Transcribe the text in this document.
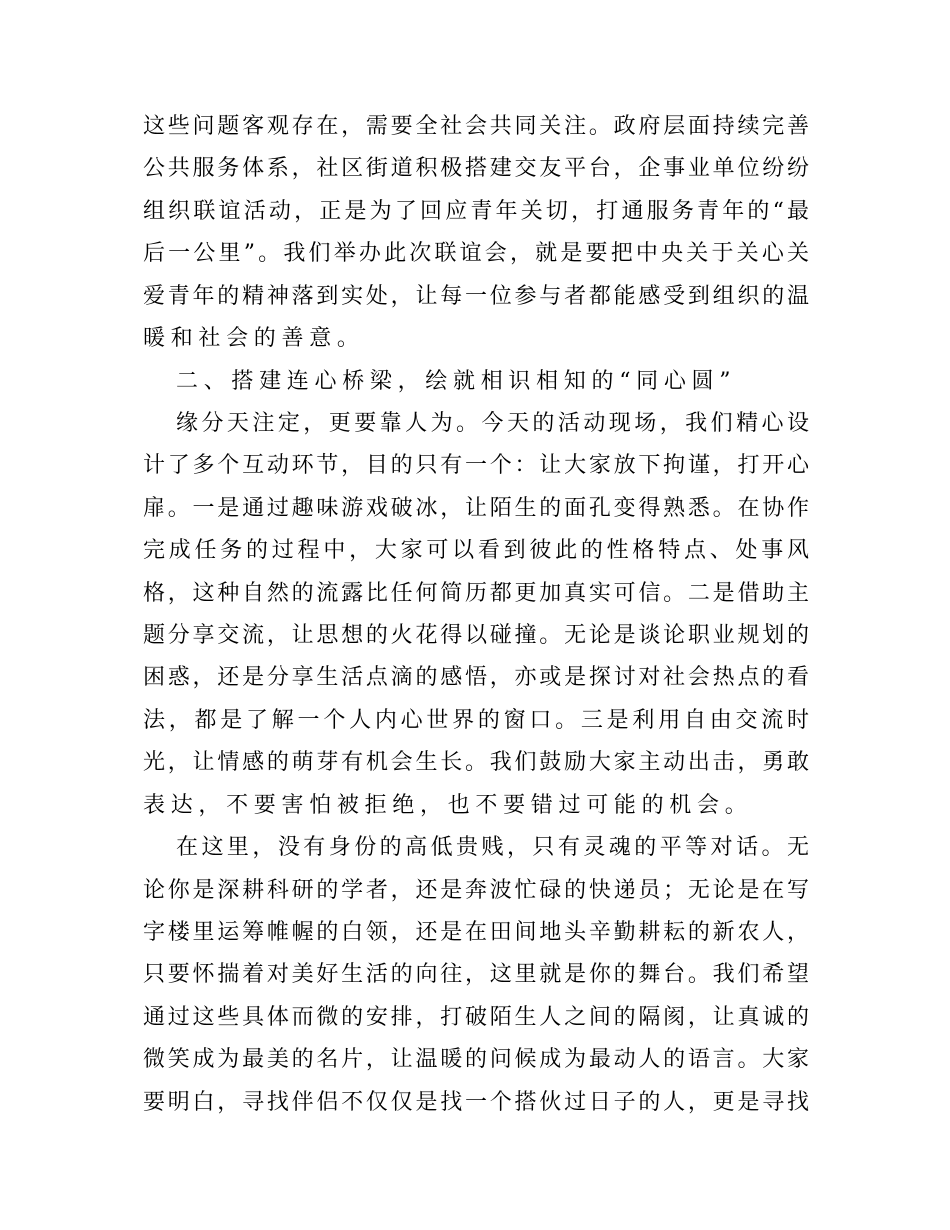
这些问题客观存在，需要全社会共同关注。政府层面持续完善
公共服务体系，社区街道积极搭建交友平台，企事业单位纷纷
组织联谊活动，正是为了回应青年关切，打通服务青年的“最
后一公里”。我们举办此次联谊会，就是要把中央关于关心关
爱青年的精神落到实处，让每一位参与者都能感受到组织的温
暖和社会的善意。
二、搭建连心桥梁，绘就相识相知的“同心圆”
缘分天注定，更要靠人为。今天的活动现场，我们精心设
计了多个互动环节，目的只有一个：让大家放下拘谨，打开心
扉。一是通过趣味游戏破冰，让陌生的面孔变得熟悉。在协作
完成任务的过程中，大家可以看到彼此的性格特点、处事风
格，这种自然的流露比任何简历都更加真实可信。二是借助主
题分享交流，让思想的火花得以碰撞。无论是谈论职业规划的
困惑，还是分享生活点滴的感悟，亦或是探讨对社会热点的看
法，都是了解一个人内心世界的窗口。三是利用自由交流时
光，让情感的萌芽有机会生长。我们鼓励大家主动出击，勇敢
表达，不要害怕被拒绝，也不要错过可能的机会。
在这里，没有身份的高低贵贱，只有灵魂的平等对话。无
论你是深耕科研的学者，还是奔波忙碌的快递员；无论是在写
字楼里运筹帷幄的白领，还是在田间地头辛勤耕耘的新农人，
只要怀揣着对美好生活的向往，这里就是你的舞台。我们希望
通过这些具体而微的安排，打破陌生人之间的隔阂，让真诚的
微笑成为最美的名片，让温暖的问候成为最动人的语言。大家
要明白，寻找伴侣不仅仅是找一个搭伙过日子的人，更是寻找
